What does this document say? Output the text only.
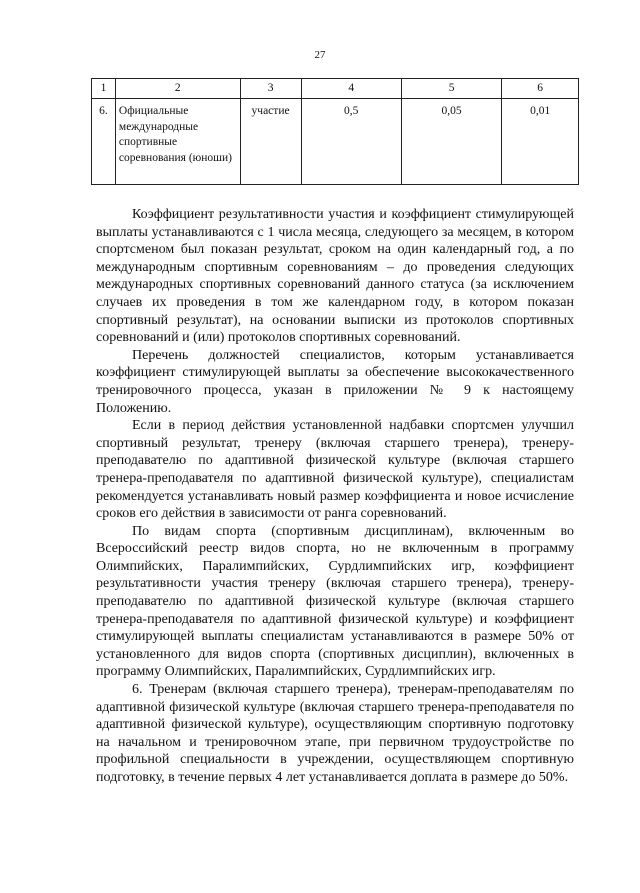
27
1	2	3	4	5	6
6.	Официальные международные спортивные соревнования (юноши)	участие	0,5	0,05	0,01

Коэффициент результативности участия и коэффициент стимулирующей выплаты устанавливаются с 1 числа месяца, следующего за месяцем, в котором спортсменом был показан результат, сроком на один календарный год, а по международным спортивным соревнованиям – до проведения следующих международных спортивных соревнований данного статуса (за исключением случаев их проведения в том же календарном году, в котором показан спортивный результат), на основании выписки из протоколов спортивных соревнований и (или) протоколов спортивных соревнований.

Перечень должностей специалистов, которым устанавливается коэффициент стимулирующей выплаты за обеспечение высококачественного тренировочного процесса, указан в приложении № 9 к настоящему Положению.

Если в период действия установленной надбавки спортсмен улучшил спортивный результат, тренеру (включая старшего тренера), тренеру-преподавателю по адаптивной физической культуре (включая старшего тренера-преподавателя по адаптивной физической культуре), специалистам рекомендуется устанавливать новый размер коэффициента и новое исчисление сроков его действия в зависимости от ранга соревнований.

По видам спорта (спортивным дисциплинам), включенным во Всероссийский реестр видов спорта, но не включенным в программу Олимпийских, Паралимпийских, Сурдлимпийских игр, коэффициент результативности участия тренеру (включая старшего тренера), тренеру-преподавателю по адаптивной физической культуре (включая старшего тренера-преподавателя по адаптивной физической культуре) и коэффициент стимулирующей выплаты специалистам устанавливаются в размере 50% от установленного для видов спорта (спортивных дисциплин), включенных в программу Олимпийских, Паралимпийских, Сурдлимпийских игр.

6. Тренерам (включая старшего тренера), тренерам-преподавателям по адаптивной физической культуре (включая старшего тренера-преподавателя по адаптивной физической культуре), осуществляющим спортивную подготовку на начальном и тренировочном этапе, при первичном трудоустройстве по профильной специальности в учреждении, осуществляющем спортивную подготовку, в течение первых 4 лет устанавливается доплата в размере до 50%.
